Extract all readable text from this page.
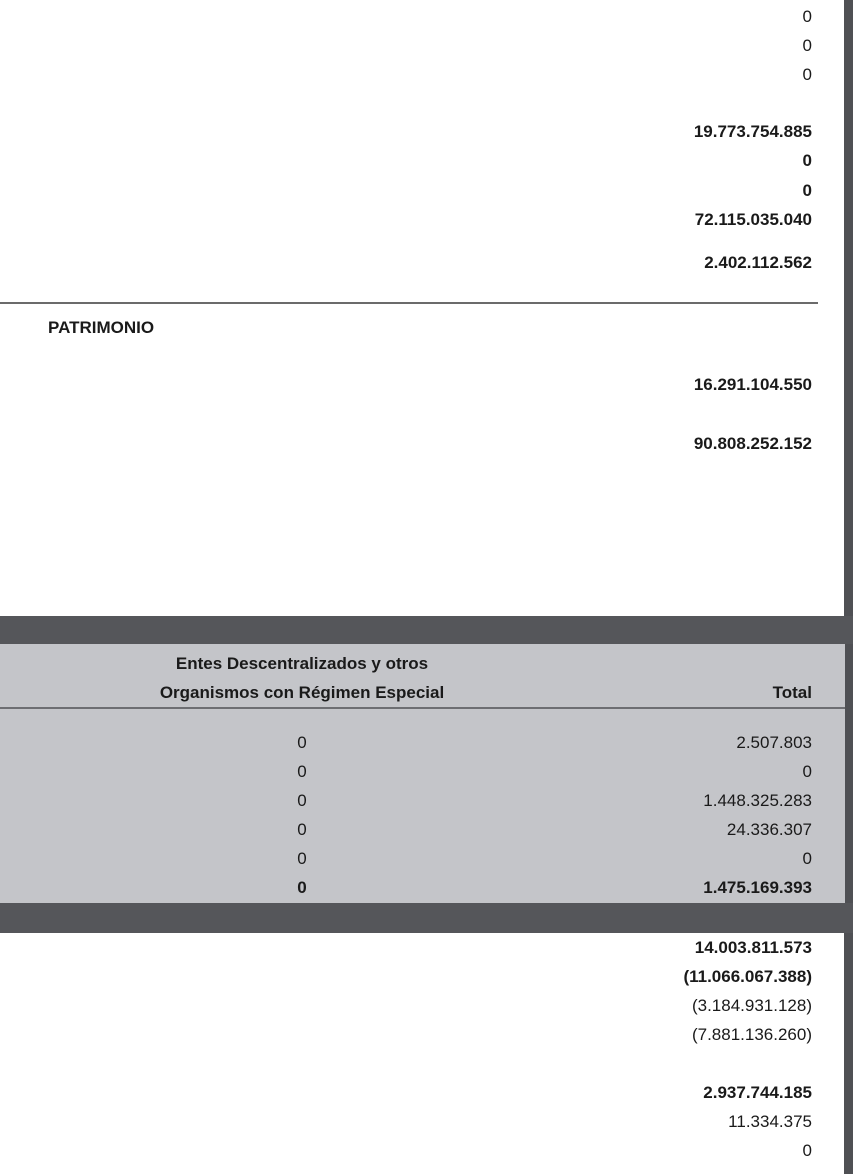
0
0
0
19.773.754.885
0
0
72.115.035.040
2.402.112.562
PATRIMONIO
16.291.104.550
90.808.252.152
Entes Descentralizados y otros
Organismos con Régimen Especial	Total
0	2.507.803
0	0
0	1.448.325.283
0	24.336.307
0	0
0	1.475.169.393
14.003.811.573
(11.066.067.388)
(3.184.931.128)
(7.881.136.260)
2.937.744.185
11.334.375
0
